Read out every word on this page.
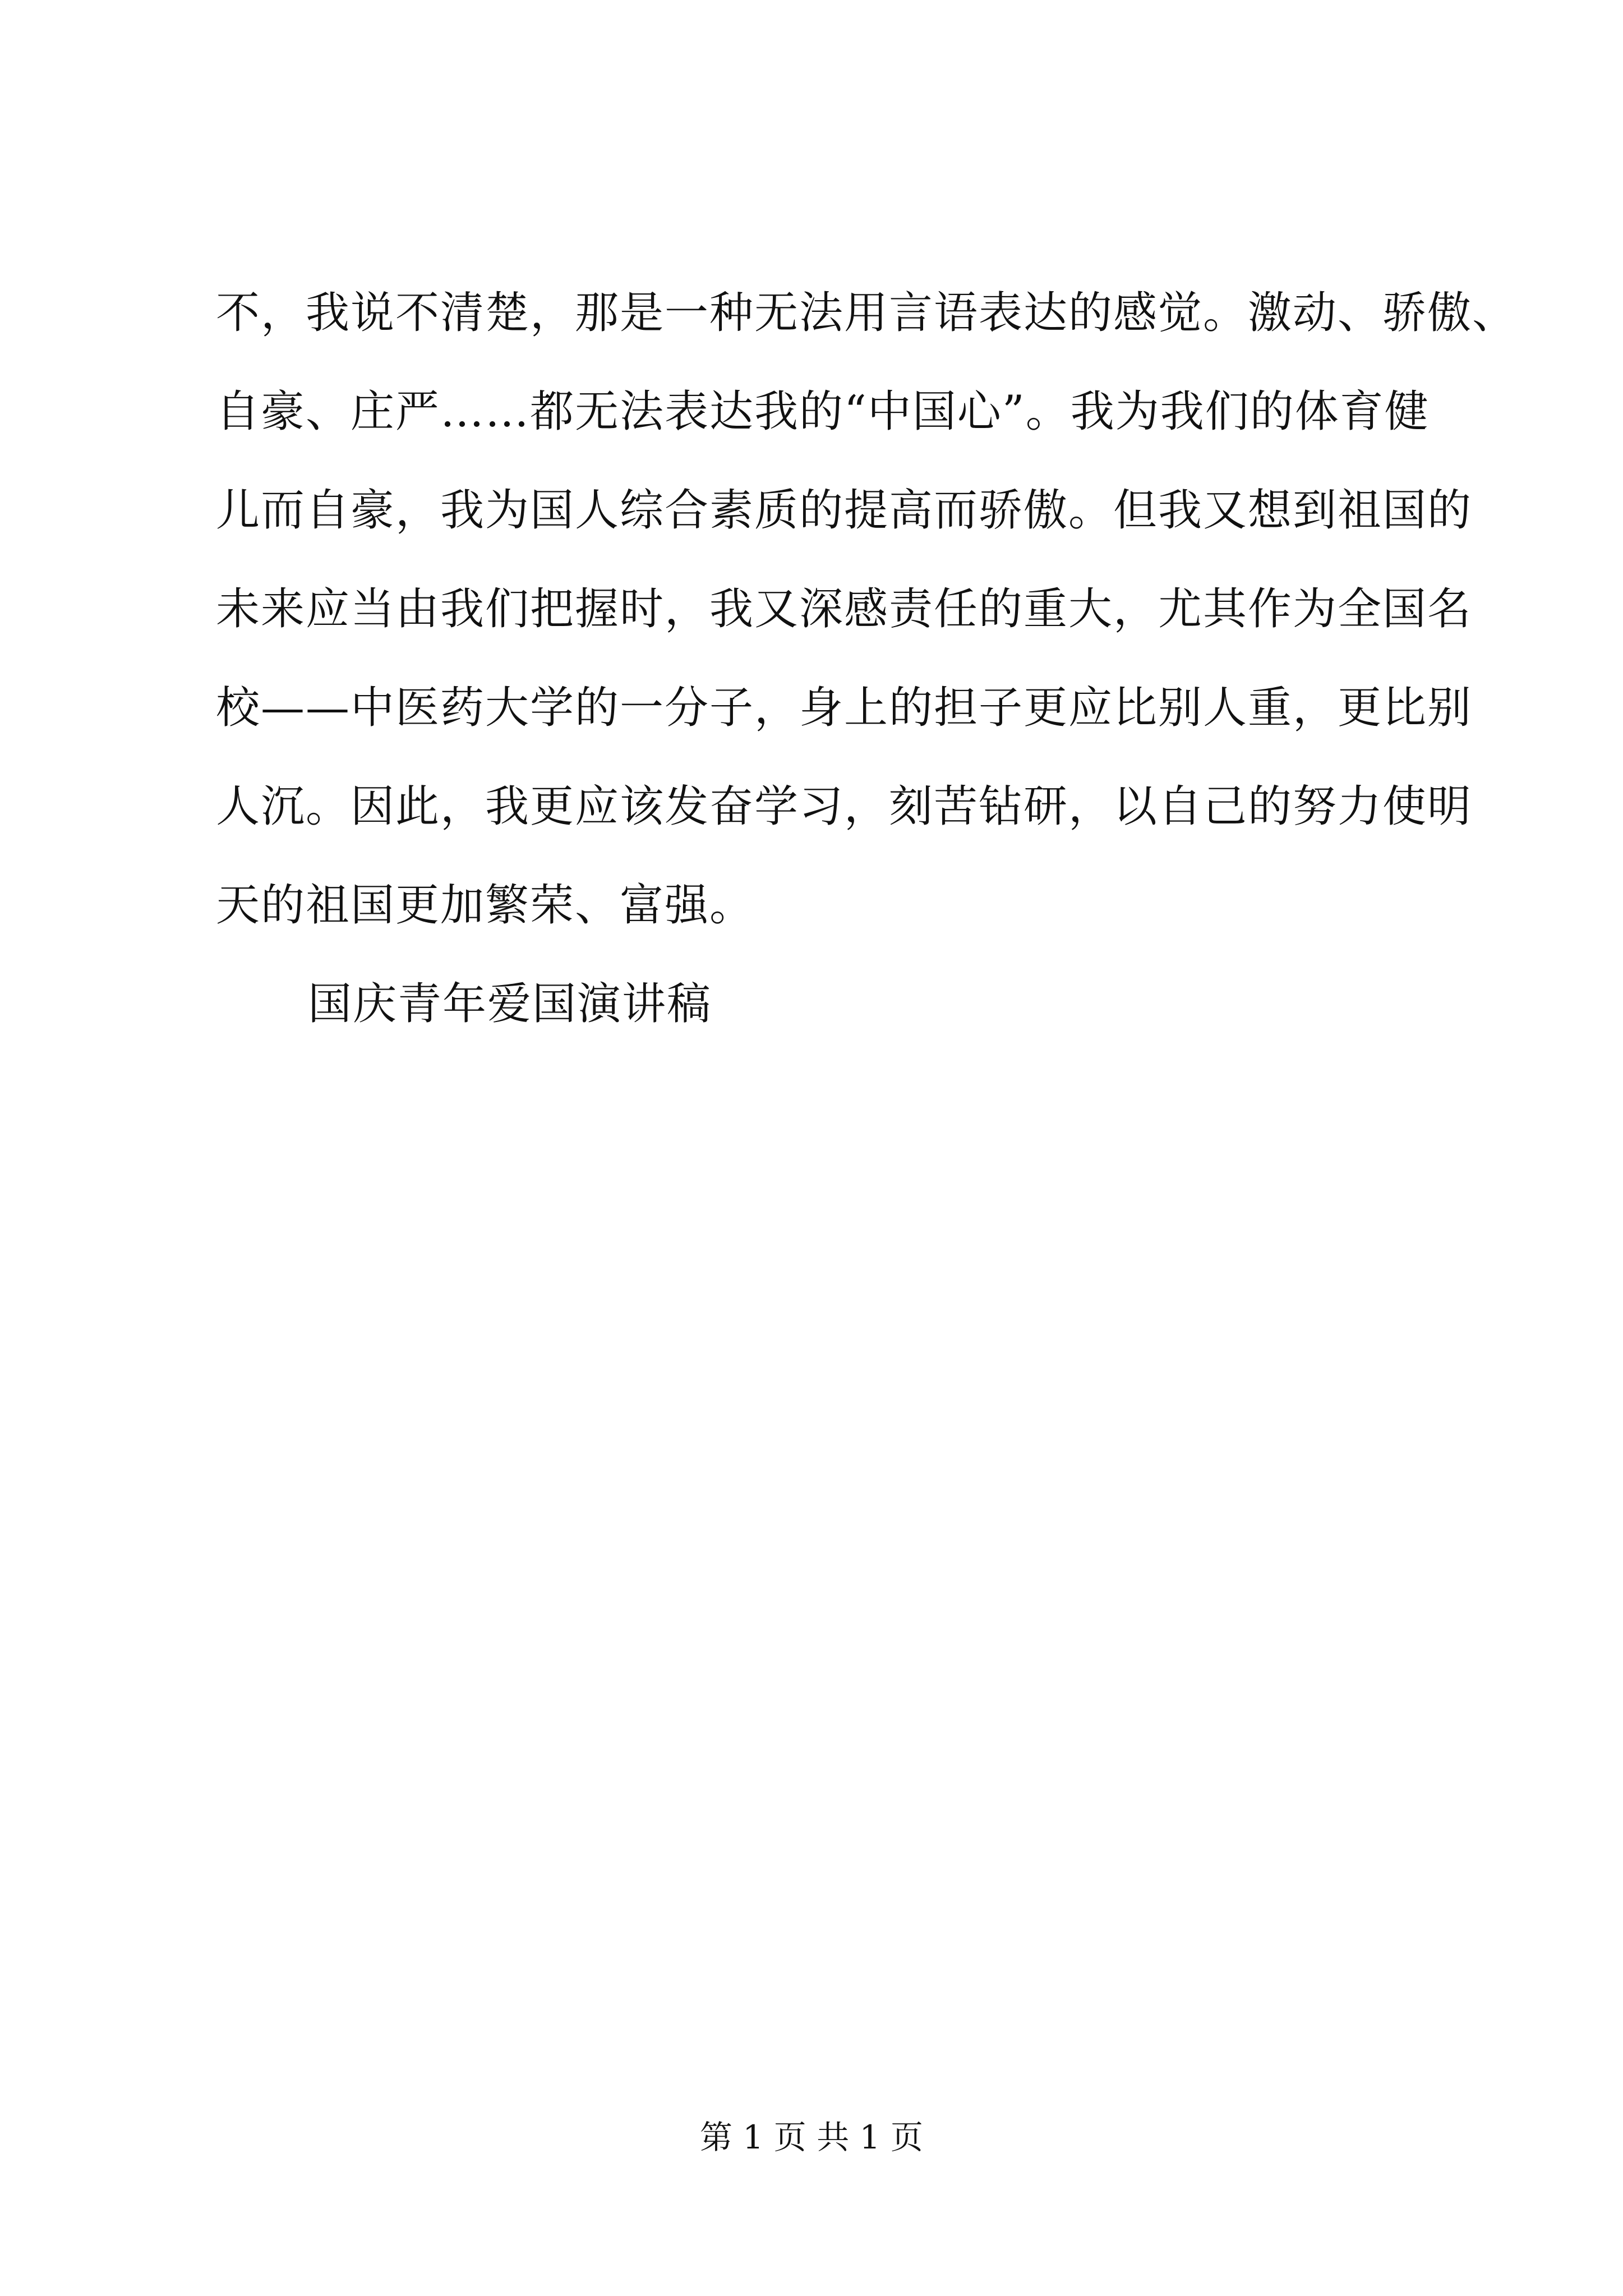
不，我说不清楚，那是一种无法用言语表达的感觉。激动、骄傲、
自豪、庄严……都无法表达我的“中国心”。我为我们的体育健
儿而自豪，我为国人综合素质的提高而骄傲。但我又想到祖国的
未来应当由我们把握时，我又深感责任的重大，尤其作为全国名
校——中医药大学的一分子，身上的担子更应比别人重，更比别
人沉。因此，我更应该发奋学习，刻苦钻研，以自己的努力使明
天的祖国更加繁荣、富强。
国庆青年爱国演讲稿
第 1 页 共 1 页
